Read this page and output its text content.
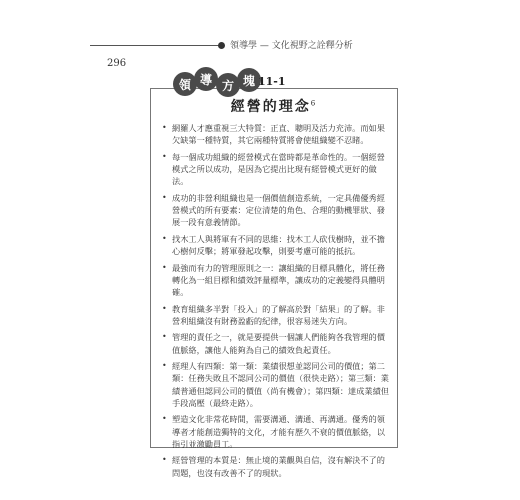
領導學 — 文化視野之詮釋分析
296
領 導 方 塊 11-1
經營的理念$^6$
• 網羅人才應重視三大特質：正直、聰明及活力充沛。而如果欠缺第一種特質，其它兩種特質將會使組織變不忍睹。
• 每一個成功組織的經營模式在當時都是革命性的。一個經營模式之所以成功，是因為它提出比現有經營模式更好的做法。
• 成功的非營利組織也是一個價值創造系統，一定具備優秀經營模式的所有要素：定位清楚的角色、合理的動機罪狀、發展一段有意義情節。
• 找木工人與將軍有不同的思維：找木工人砍伐樹時，並不擔心樹何反擊；將軍發起攻擊，則要考慮可能的抵抗。
• 最強而有力的管理原則之一：讓組織的目標具體化，將任務轉化為一組目標和績效評量標準，讓成功的定義變得具體明確。
• 教育組織多半對「投入」的了解高於對「結果」的了解。非營利組織沒有財務盈虧的紀律，很容易迷失方向。
• 管理的責任之一，就是要提供一個讓人們能夠各我管理的價值脈絡，讓他人能夠為自己的績效負起責任。
• 經理人有四類：第一類：業績很想並認同公司的價值；第二類：任務失敗且不認同公司的價值（很快走路）；第三類：業績普通但認同公司的價值（尚有機會）；第四類：達成業績但手段高壓（最終走路）。
• 塑造文化非常花時間，需要溝通、溝通、再溝通。優秀的領導者才能創造獨特的文化，才能有歷久不衰的價值脈絡，以指引並激勵員工。
• 經營管理的本質是：無止境的業觀與自信，沒有解決不了的問題，也沒有改善不了的現狀。
